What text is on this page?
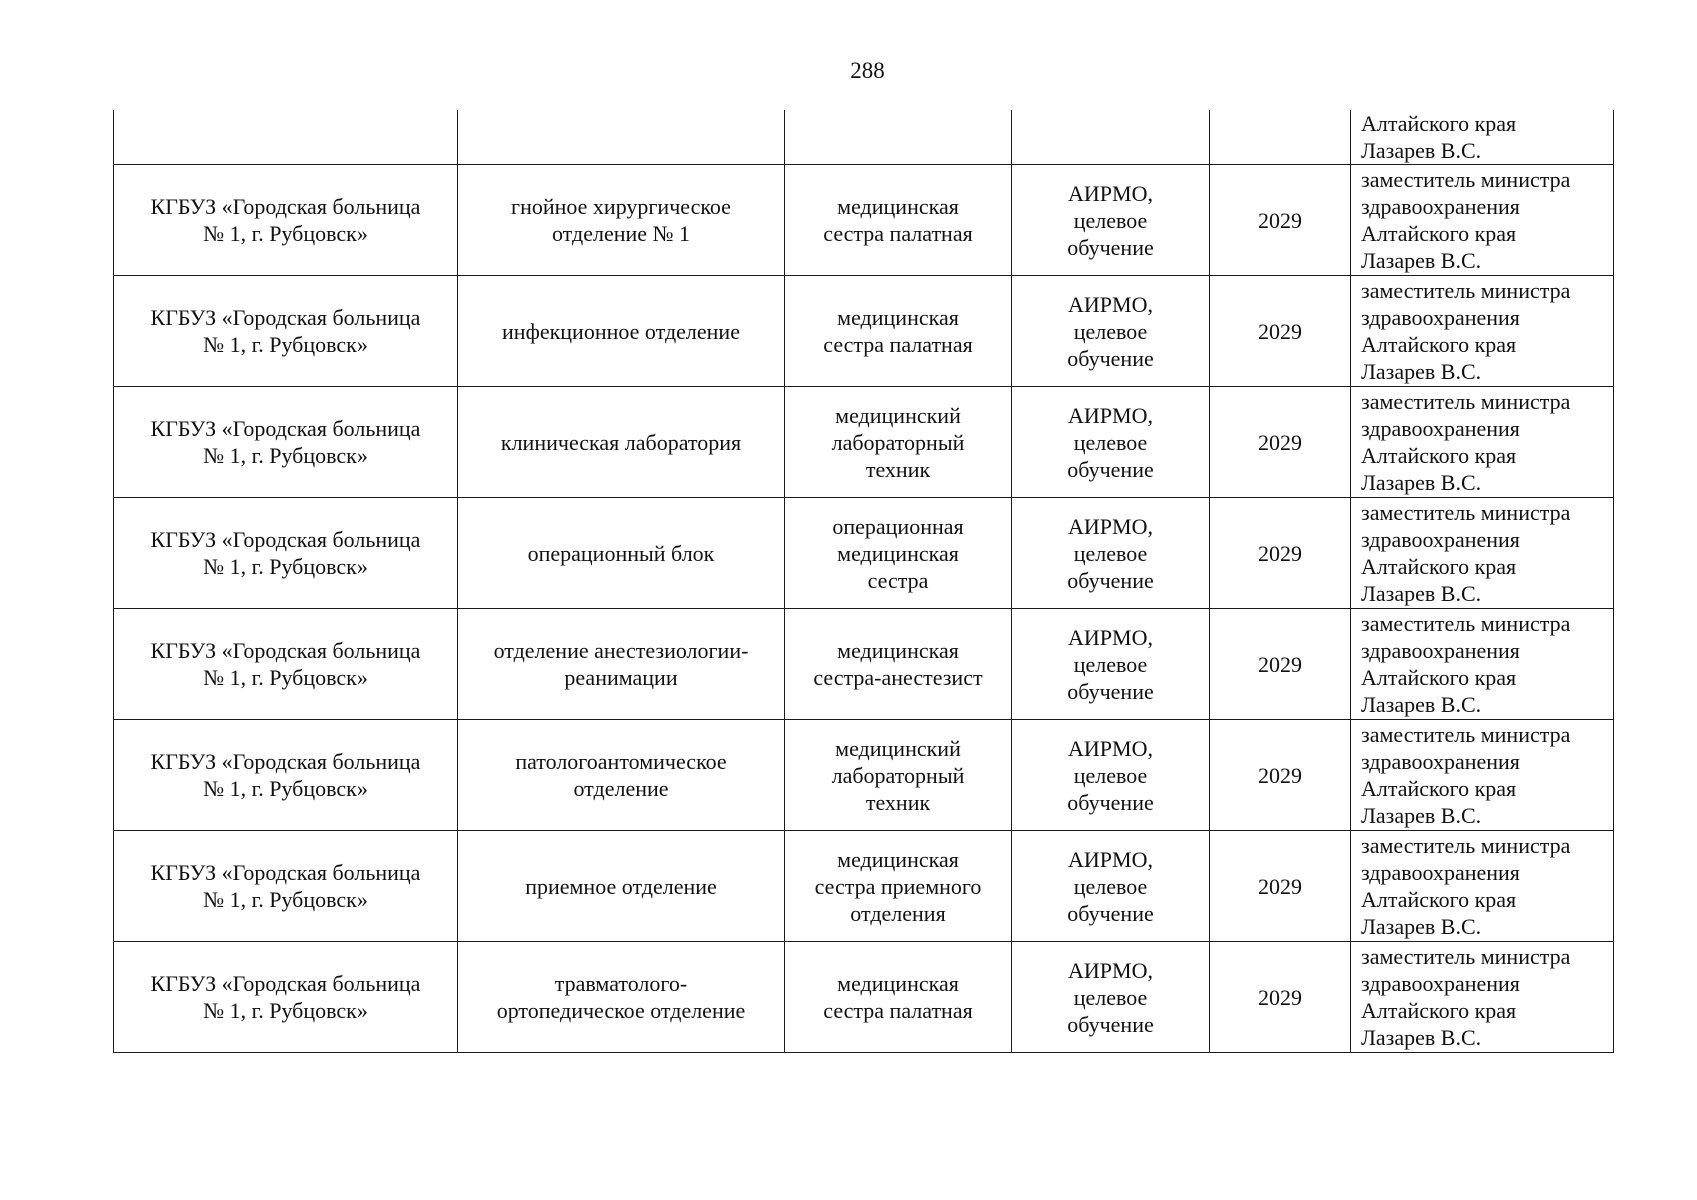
288

					Алтайского края
Лазарев В.С.

КГБУЗ «Городская больница
№ 1, г. Рубцовск»	гнойное хирургическое
отделение № 1	медицинская
сестра палатная	АИРМО,
целевое
обучение	2029	заместитель министра
здравоохранения
Алтайского края
Лазарев В.С.

КГБУЗ «Городская больница
№ 1, г. Рубцовск»	инфекционное отделение	медицинская
сестра палатная	АИРМО,
целевое
обучение	2029	заместитель министра
здравоохранения
Алтайского края
Лазарев В.С.

КГБУЗ «Городская больница
№ 1, г. Рубцовск»	клиническая лаборатория	медицинский
лабораторный
техник	АИРМО,
целевое
обучение	2029	заместитель министра
здравоохранения
Алтайского края
Лазарев В.С.

КГБУЗ «Городская больница
№ 1, г. Рубцовск»	операционный блок	операционная
медицинская
сестра	АИРМО,
целевое
обучение	2029	заместитель министра
здравоохранения
Алтайского края
Лазарев В.С.

КГБУЗ «Городская больница
№ 1, г. Рубцовск»	отделение анестезиологии-
реанимации	медицинская
сестра-анестезист	АИРМО,
целевое
обучение	2029	заместитель министра
здравоохранения
Алтайского края
Лазарев В.С.

КГБУЗ «Городская больница
№ 1, г. Рубцовск»	патологоантомическое
отделение	медицинский
лабораторный
техник	АИРМО,
целевое
обучение	2029	заместитель министра
здравоохранения
Алтайского края
Лазарев В.С.

КГБУЗ «Городская больница
№ 1, г. Рубцовск»	приемное отделение	медицинская
сестра приемного
отделения	АИРМО,
целевое
обучение	2029	заместитель министра
здравоохранения
Алтайского края
Лазарев В.С.

КГБУЗ «Городская больница
№ 1, г. Рубцовск»	травматолого-
ортопедическое отделение	медицинская
сестра палатная	АИРМО,
целевое
обучение	2029	заместитель министра
здравоохранения
Алтайского края
Лазарев В.С.
